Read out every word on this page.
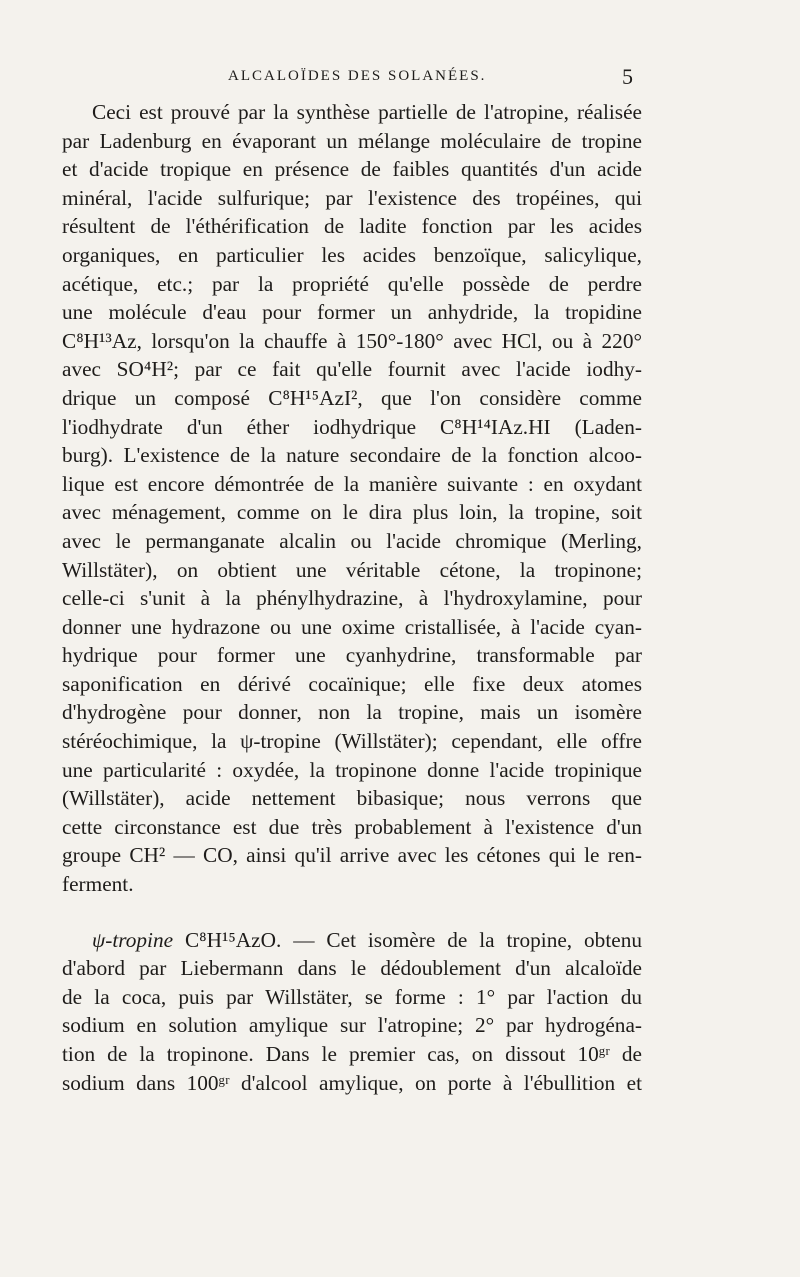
ALCALOÏDES DES SOLANÉES.	5
Ceci est prouvé par la synthèse partielle de l'atropine, réalisée
par Ladenburg en évaporant un mélange moléculaire de tropine
et d'acide tropique en présence de faibles quantités d'un acide
minéral, l'acide sulfurique; par l'existence des tropéines, qui
résultent de l'éthérification de ladite fonction par les acides
organiques, en particulier les acides benzoïque, salicylique,
acétique, etc.; par la propriété qu'elle possède de perdre
une molécule d'eau pour former un anhydride, la tropidine
C⁸H¹³Az, lorsqu'on la chauffe à 150°-180° avec HCl, ou à 220°
avec SO⁴H²; par ce fait qu'elle fournit avec l'acide iodhy-
drique un composé C⁸H¹⁵AzI², que l'on considère comme
l'iodhydrate d'un éther iodhydrique C⁸H¹⁴IAz.HI (Laden-
burg). L'existence de la nature secondaire de la fonction alcoo-
lique est encore démontrée de la manière suivante : en oxydant
avec ménagement, comme on le dira plus loin, la tropine, soit
avec le permanganate alcalin ou l'acide chromique (Merling,
Willstäter), on obtient une véritable cétone, la tropinone;
celle-ci s'unit à la phénylhydrazine, à l'hydroxylamine, pour
donner une hydrazone ou une oxime cristallisée, à l'acide cyan-
hydrique pour former une cyanhydrine, transformable par
saponification en dérivé cocaïnique; elle fixe deux atomes
d'hydrogène pour donner, non la tropine, mais un isomère
stéréochimique, la ψ-tropine (Willstäter); cependant, elle offre
une particularité : oxydée, la tropinone donne l'acide tropinique
(Willstäter), acide nettement bibasique; nous verrons que
cette circonstance est due très probablement à l'existence d'un
groupe CH² — CO, ainsi qu'il arrive avec les cétones qui le ren-
ferment.
ψ-tropine C⁸H¹⁵AzO. — Cet isomère de la tropine, obtenu
d'abord par Liebermann dans le dédoublement d'un alcaloïde
de la coca, puis par Willstäter, se forme : 1° par l'action du
sodium en solution amylique sur l'atropine; 2° par hydrogéna-
tion de la tropinone. Dans le premier cas, on dissout 10ᵍʳ de
sodium dans 100ᵍʳ d'alcool amylique, on porte à l'ébullition et
